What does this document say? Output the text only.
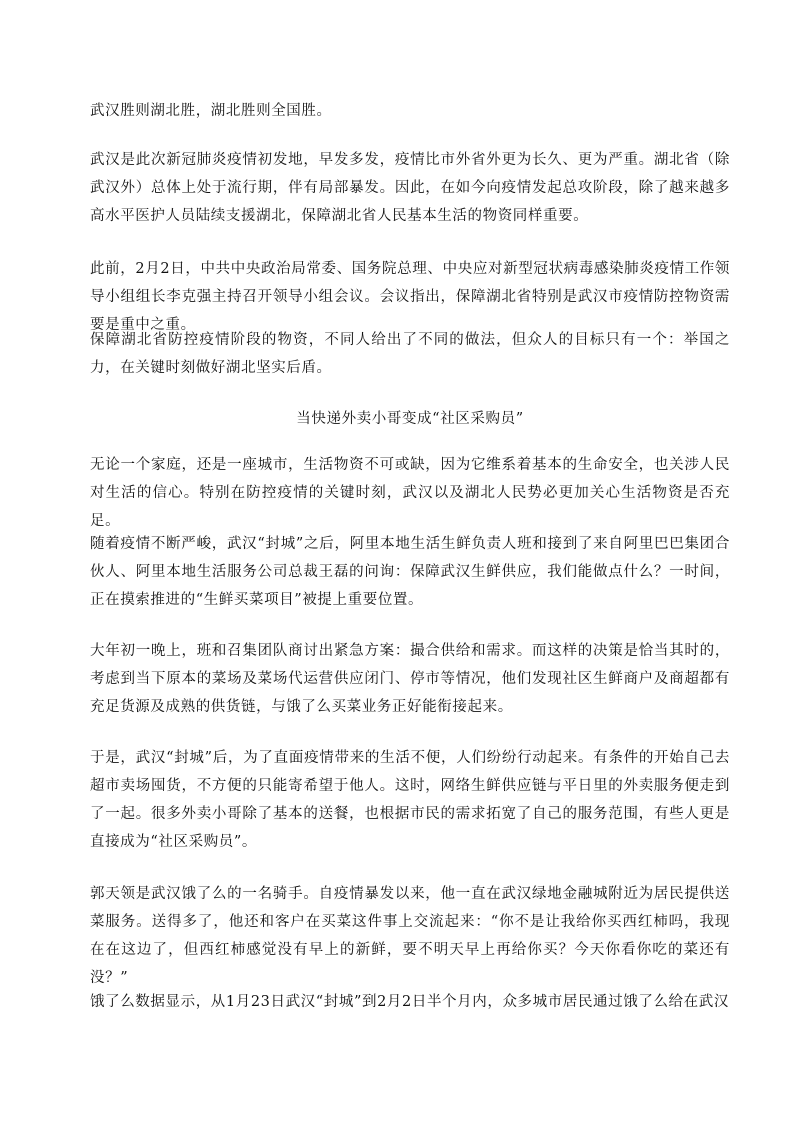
武汉胜则湖北胜，湖北胜则全国胜。

武汉是此次新冠肺炎疫情初发地，早发多发，疫情比市外省外更为长久、更为严重。湖北省（除武汉外）总体上处于流行期，伴有局部暴发。因此，在如今向疫情发起总攻阶段，除了越来越多高水平医护人员陆续支援湖北，保障湖北省人民基本生活的物资同样重要。

此前，2月2日，中共中央政治局常委、国务院总理、中央应对新型冠状病毒感染肺炎疫情工作领导小组组长李克强主持召开领导小组会议。会议指出，保障湖北省特别是武汉市疫情防控物资需要是重中之重。

保障湖北省防控疫情阶段的物资，不同人给出了不同的做法，但众人的目标只有一个：举国之力，在关键时刻做好湖北坚实后盾。

当快递外卖小哥变成“社区采购员”

无论一个家庭，还是一座城市，生活物资不可或缺，因为它维系着基本的生命安全，也关涉人民对生活的信心。特别在防控疫情的关键时刻，武汉以及湖北人民势必更加关心生活物资是否充足。

随着疫情不断严峻，武汉“封城”之后，阿里本地生活生鲜负责人班和接到了来自阿里巴巴集团合伙人、阿里本地生活服务公司总裁王磊的问询：保障武汉生鲜供应，我们能做点什么？一时间，正在摸索推进的“生鲜买菜项目”被提上重要位置。

大年初一晚上，班和召集团队商讨出紧急方案：撮合供给和需求。而这样的决策是恰当其时的，考虑到当下原本的菜场及菜场代运营供应闭门、停市等情况，他们发现社区生鲜商户及商超都有充足货源及成熟的供货链，与饿了么买菜业务正好能衔接起来。

于是，武汉“封城”后，为了直面疫情带来的生活不便，人们纷纷行动起来。有条件的开始自己去超市卖场囤货，不方便的只能寄希望于他人。这时，网络生鲜供应链与平日里的外卖服务便走到了一起。很多外卖小哥除了基本的送餐，也根据市民的需求拓宽了自己的服务范围，有些人更是直接成为“社区采购员”。

郭天领是武汉饿了么的一名骑手。自疫情暴发以来，他一直在武汉绿地金融城附近为居民提供送菜服务。送得多了，他还和客户在买菜这件事上交流起来：“你不是让我给你买西红柿吗，我现在在这边了，但西红柿感觉没有早上的新鲜，要不明天早上再给你买？今天你看你吃的菜还有没？”

饿了么数据显示，从1月23日武汉“封城”到2月2日半个月内，众多城市居民通过饿了么给在武汉
